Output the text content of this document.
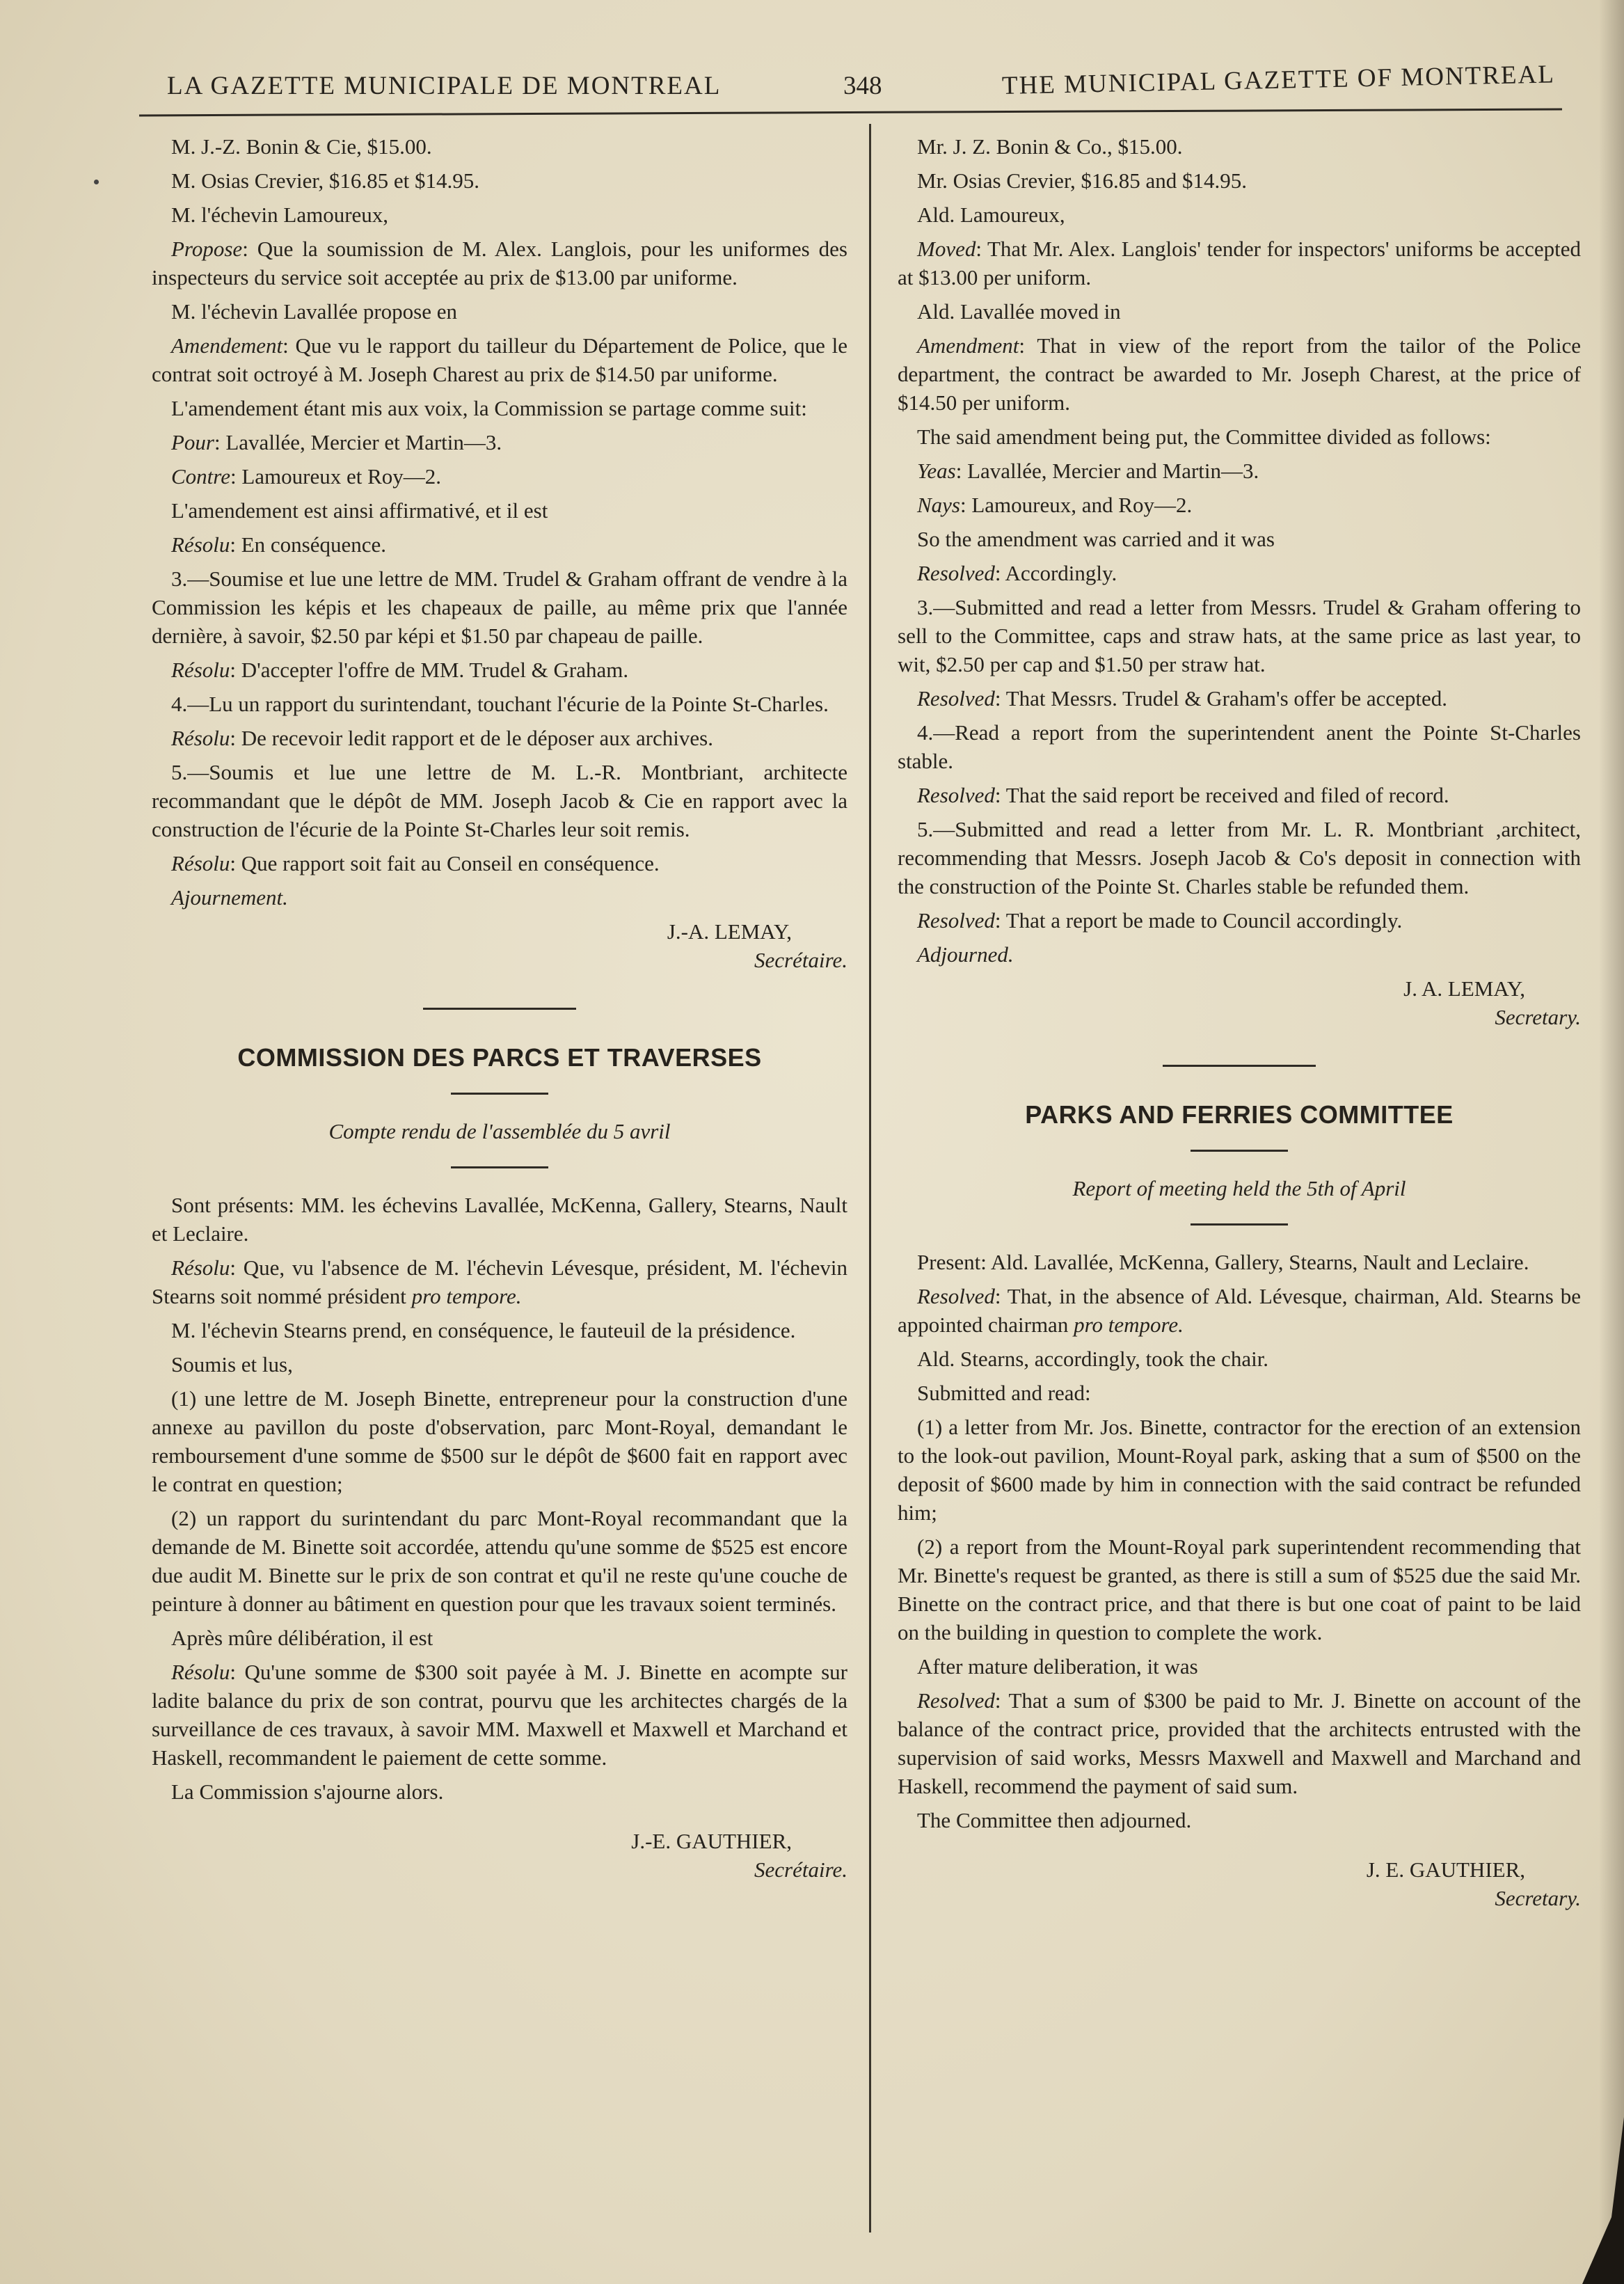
LA GAZETTE MUNICIPALE DE MONTREAL	348	THE MUNICIPAL GAZETTE OF MONTREAL

M. J.-Z. Bonin & Cie, $15.00.

M. Osias Crevier, $16.85 et $14.95.

M. l'échevin Lamoureux,

Propose: Que la soumission de M. Alex. Langlois, pour les uniformes des inspecteurs du service soit acceptée au prix de $13.00 par uniforme.

M. l'échevin Lavallée propose en

Amendement: Que vu le rapport du tailleur du Département de Police, que le contrat soit octroyé à M. Joseph Charest au prix de $14.50 par uniforme.

L'amendement étant mis aux voix, la Commission se partage comme suit:

Pour: Lavallée, Mercier et Martin—3.

Contre: Lamoureux et Roy—2.

L'amendement est ainsi affirmativé, et il est

Résolu: En conséquence.

3.—Soumise et lue une lettre de MM. Trudel & Graham offrant de vendre à la Commission les képis et les chapeaux de paille, au même prix que l'année dernière, à savoir, $2.50 par képi et $1.50 par chapeau de paille.

Résolu: D'accepter l'offre de MM. Trudel & Graham.

4.—Lu un rapport du surintendant, touchant l'écurie de la Pointe St-Charles.

Résolu: De recevoir ledit rapport et de le déposer aux archives.

5.—Soumis et lue une lettre de M. L.-R. Montbriant, architecte recommandant que le dépôt de MM. Joseph Jacob & Cie en rapport avec la construction de l'écurie de la Pointe St-Charles leur soit remis.

Résolu: Que rapport soit fait au Conseil en conséquence.

Ajournement.

J.-A. LEMAY,

Secrétaire.

COMMISSION DES PARCS ET TRAVERSES

Compte rendu de l'assemblée du 5 avril

Sont présents: MM. les échevins Lavallée, McKenna, Gallery, Stearns, Nault et Leclaire.

Résolu: Que, vu l'absence de M. l'échevin Lévesque, président, M. l'échevin Stearns soit nommé président pro tempore.

M. l'échevin Stearns prend, en conséquence, le fauteuil de la présidence.

Soumis et lus,

(1) une lettre de M. Joseph Binette, entrepreneur pour la construction d'une annexe au pavillon du poste d'observation, parc Mont-Royal, demandant le remboursement d'une somme de $500 sur le dépôt de $600 fait en rapport avec le contrat en question;

(2) un rapport du surintendant du parc Mont-Royal recommandant que la demande de M. Binette soit accordée, attendu qu'une somme de $525 est encore due audit M. Binette sur le prix de son contrat et qu'il ne reste qu'une couche de peinture à donner au bâtiment en question pour que les travaux soient terminés.

Après mûre délibération, il est

Résolu: Qu'une somme de $300 soit payée à M. J. Binette en acompte sur ladite balance du prix de son contrat, pourvu que les architectes chargés de la surveillance de ces travaux, à savoir MM. Maxwell et Maxwell et Marchand et Haskell, recommandent le paiement de cette somme.

La Commission s'ajourne alors.

J.-E. GAUTHIER,

Secrétaire.

Mr. J. Z. Bonin & Co., $15.00.

Mr. Osias Crevier, $16.85 and $14.95.

Ald. Lamoureux,

Moved: That Mr. Alex. Langlois' tender for inspectors' uniforms be accepted at $13.00 per uniform.

Ald. Lavallée moved in

Amendment: That in view of the report from the tailor of the Police department, the contract be awarded to Mr. Joseph Charest, at the price of $14.50 per uniform.

The said amendment being put, the Committee divided as follows:

Yeas: Lavallée, Mercier and Martin—3.

Nays: Lamoureux, and Roy—2.

So the amendment was carried and it was

Resolved: Accordingly.

3.—Submitted and read a letter from Messrs. Trudel & Graham offering to sell to the Committee, caps and straw hats, at the same price as last year, to wit, $2.50 per cap and $1.50 per straw hat.

Resolved: That Messrs. Trudel & Graham's offer be accepted.

4.—Read a report from the superintendent anent the Pointe St-Charles stable.

Resolved: That the said report be received and filed of record.

5.—Submitted and read a letter from Mr. L. R. Montbriant ,architect, recommending that Messrs. Joseph Jacob & Co's deposit in connection with the construction of the Pointe St. Charles stable be refunded them.

Resolved: That a report be made to Council accordingly.

Adjourned.

J. A. LEMAY,

Secretary.

PARKS AND FERRIES COMMITTEE

Report of meeting held the 5th of April

Present: Ald. Lavallée, McKenna, Gallery, Stearns, Nault and Leclaire.

Resolved: That, in the absence of Ald. Lévesque, chairman, Ald. Stearns be appointed chairman pro tempore.

Ald. Stearns, accordingly, took the chair.

Submitted and read:

(1) a letter from Mr. Jos. Binette, contractor for the erection of an extension to the look-out pavilion, Mount-Royal park, asking that a sum of $500 on the deposit of $600 made by him in connection with the said contract be refunded him;

(2) a report from the Mount-Royal park superintendent recommending that Mr. Binette's request be granted, as there is still a sum of $525 due the said Mr. Binette on the contract price, and that there is but one coat of paint to be laid on the building in question to complete the work.

After mature deliberation, it was

Resolved: That a sum of $300 be paid to Mr. J. Binette on account of the balance of the contract price, provided that the architects entrusted with the supervision of said works, Messrs Maxwell and Maxwell and Marchand and Haskell, recommend the payment of said sum.

The Committee then adjourned.

J. E. GAUTHIER,

Secretary.
